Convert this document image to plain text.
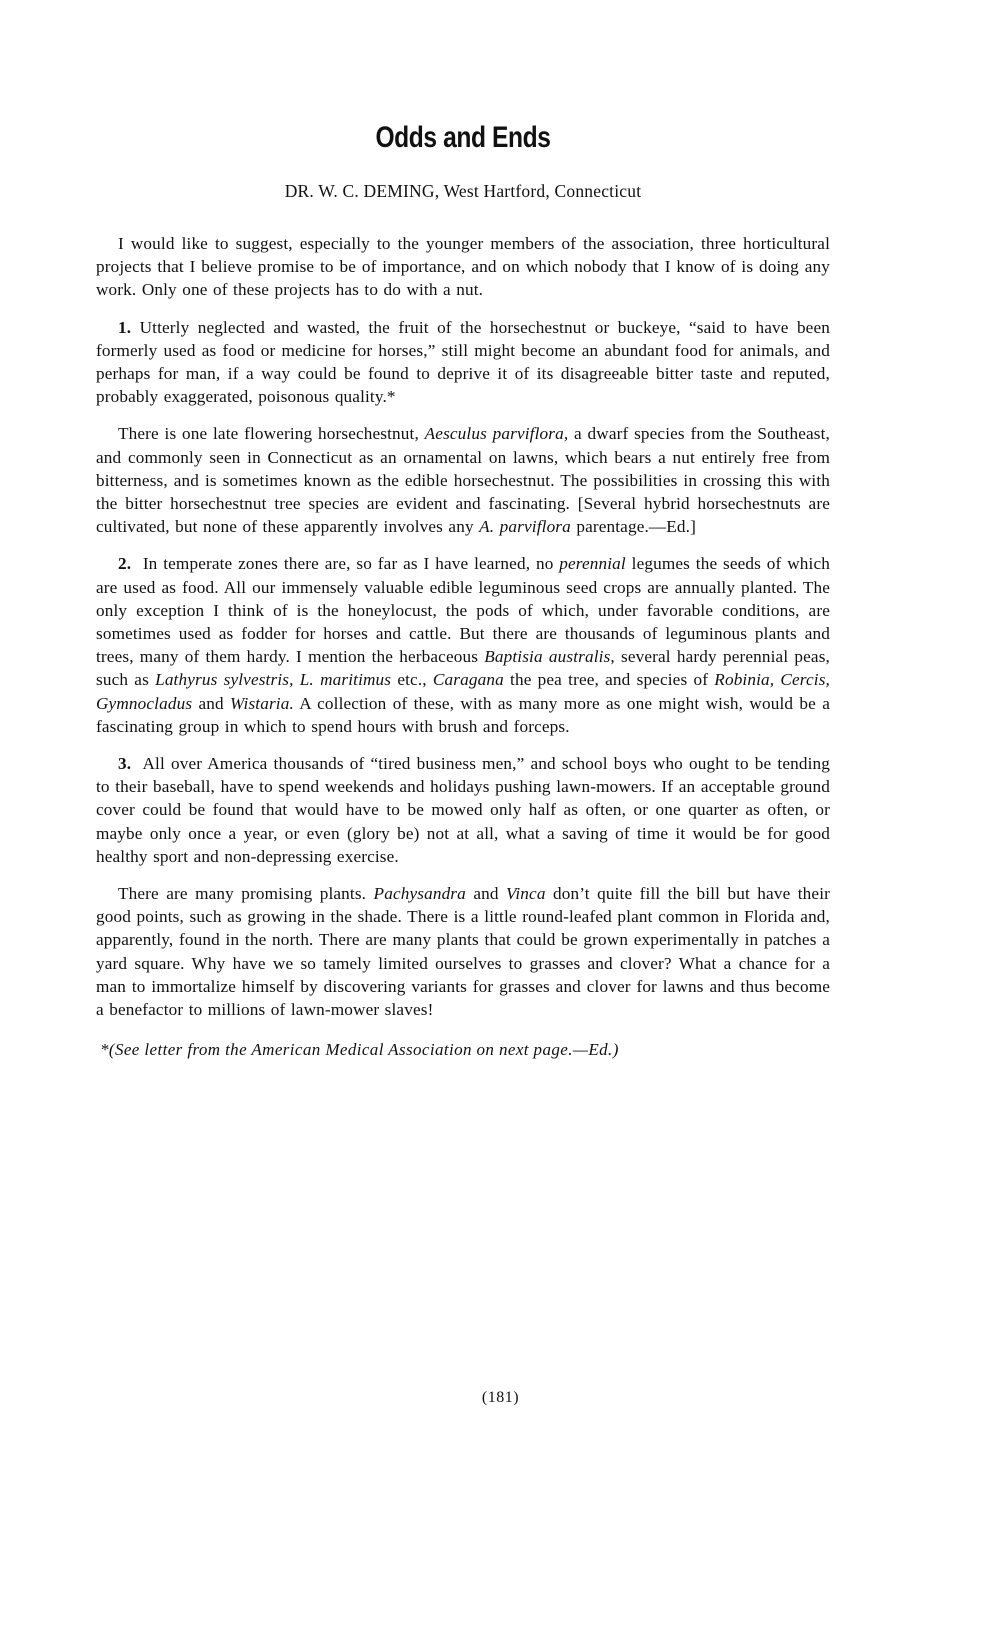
Odds and Ends
DR. W. C. DEMING, West Hartford, Connecticut

I would like to suggest, especially to the younger members of the association, three horticultural projects that I believe promise to be of importance, and on which nobody that I know of is doing any work. Only one of these projects has to do with a nut.

1. Utterly neglected and wasted, the fruit of the horsechestnut or buckeye, “said to have been formerly used as food or medicine for horses,” still might become an abundant food for animals, and perhaps for man, if a way could be found to deprive it of its disagreeable bitter taste and reputed, probably exaggerated, poisonous quality.*

There is one late flowering horsechestnut, Aesculus parviflora, a dwarf species from the Southeast, and commonly seen in Connecticut as an ornamental on lawns, which bears a nut entirely free from bitterness, and is sometimes known as the edible horsechestnut. The possibilities in crossing this with the bitter horsechestnut tree species are evident and fascinating. [Several hybrid horsechestnuts are cultivated, but none of these apparently involves any A. parviflora parentage.—Ed.]

2. In temperate zones there are, so far as I have learned, no perennial legumes the seeds of which are used as food. All our immensely valuable edible leguminous seed crops are annually planted. The only exception I think of is the honeylocust, the pods of which, under favorable conditions, are sometimes used as fodder for horses and cattle. But there are thousands of leguminous plants and trees, many of them hardy. I mention the herbaceous Baptisia australis, several hardy perennial peas, such as Lathyrus sylvestris, L. maritimus etc., Caragana the pea tree, and species of Robinia, Cercis, Gymnocladus and Wistaria. A collection of these, with as many more as one might wish, would be a fascinating group in which to spend hours with brush and forceps.

3. All over America thousands of “tired business men,” and school boys who ought to be tending to their baseball, have to spend weekends and holidays pushing lawn-mowers. If an acceptable ground cover could be found that would have to be mowed only half as often, or one quarter as often, or maybe only once a year, or even (glory be) not at all, what a saving of time it would be for good healthy sport and non-depressing exercise.

There are many promising plants. Pachysandra and Vinca don’t quite fill the bill but have their good points, such as growing in the shade. There is a little round-leafed plant common in Florida and, apparently, found in the north. There are many plants that could be grown experimentally in patches a yard square. Why have we so tamely limited ourselves to grasses and clover? What a chance for a man to immortalize himself by discovering variants for grasses and clover for lawns and thus become a benefactor to millions of lawn-mower slaves!

*(See letter from the American Medical Association on next page.—Ed.)

(181)
